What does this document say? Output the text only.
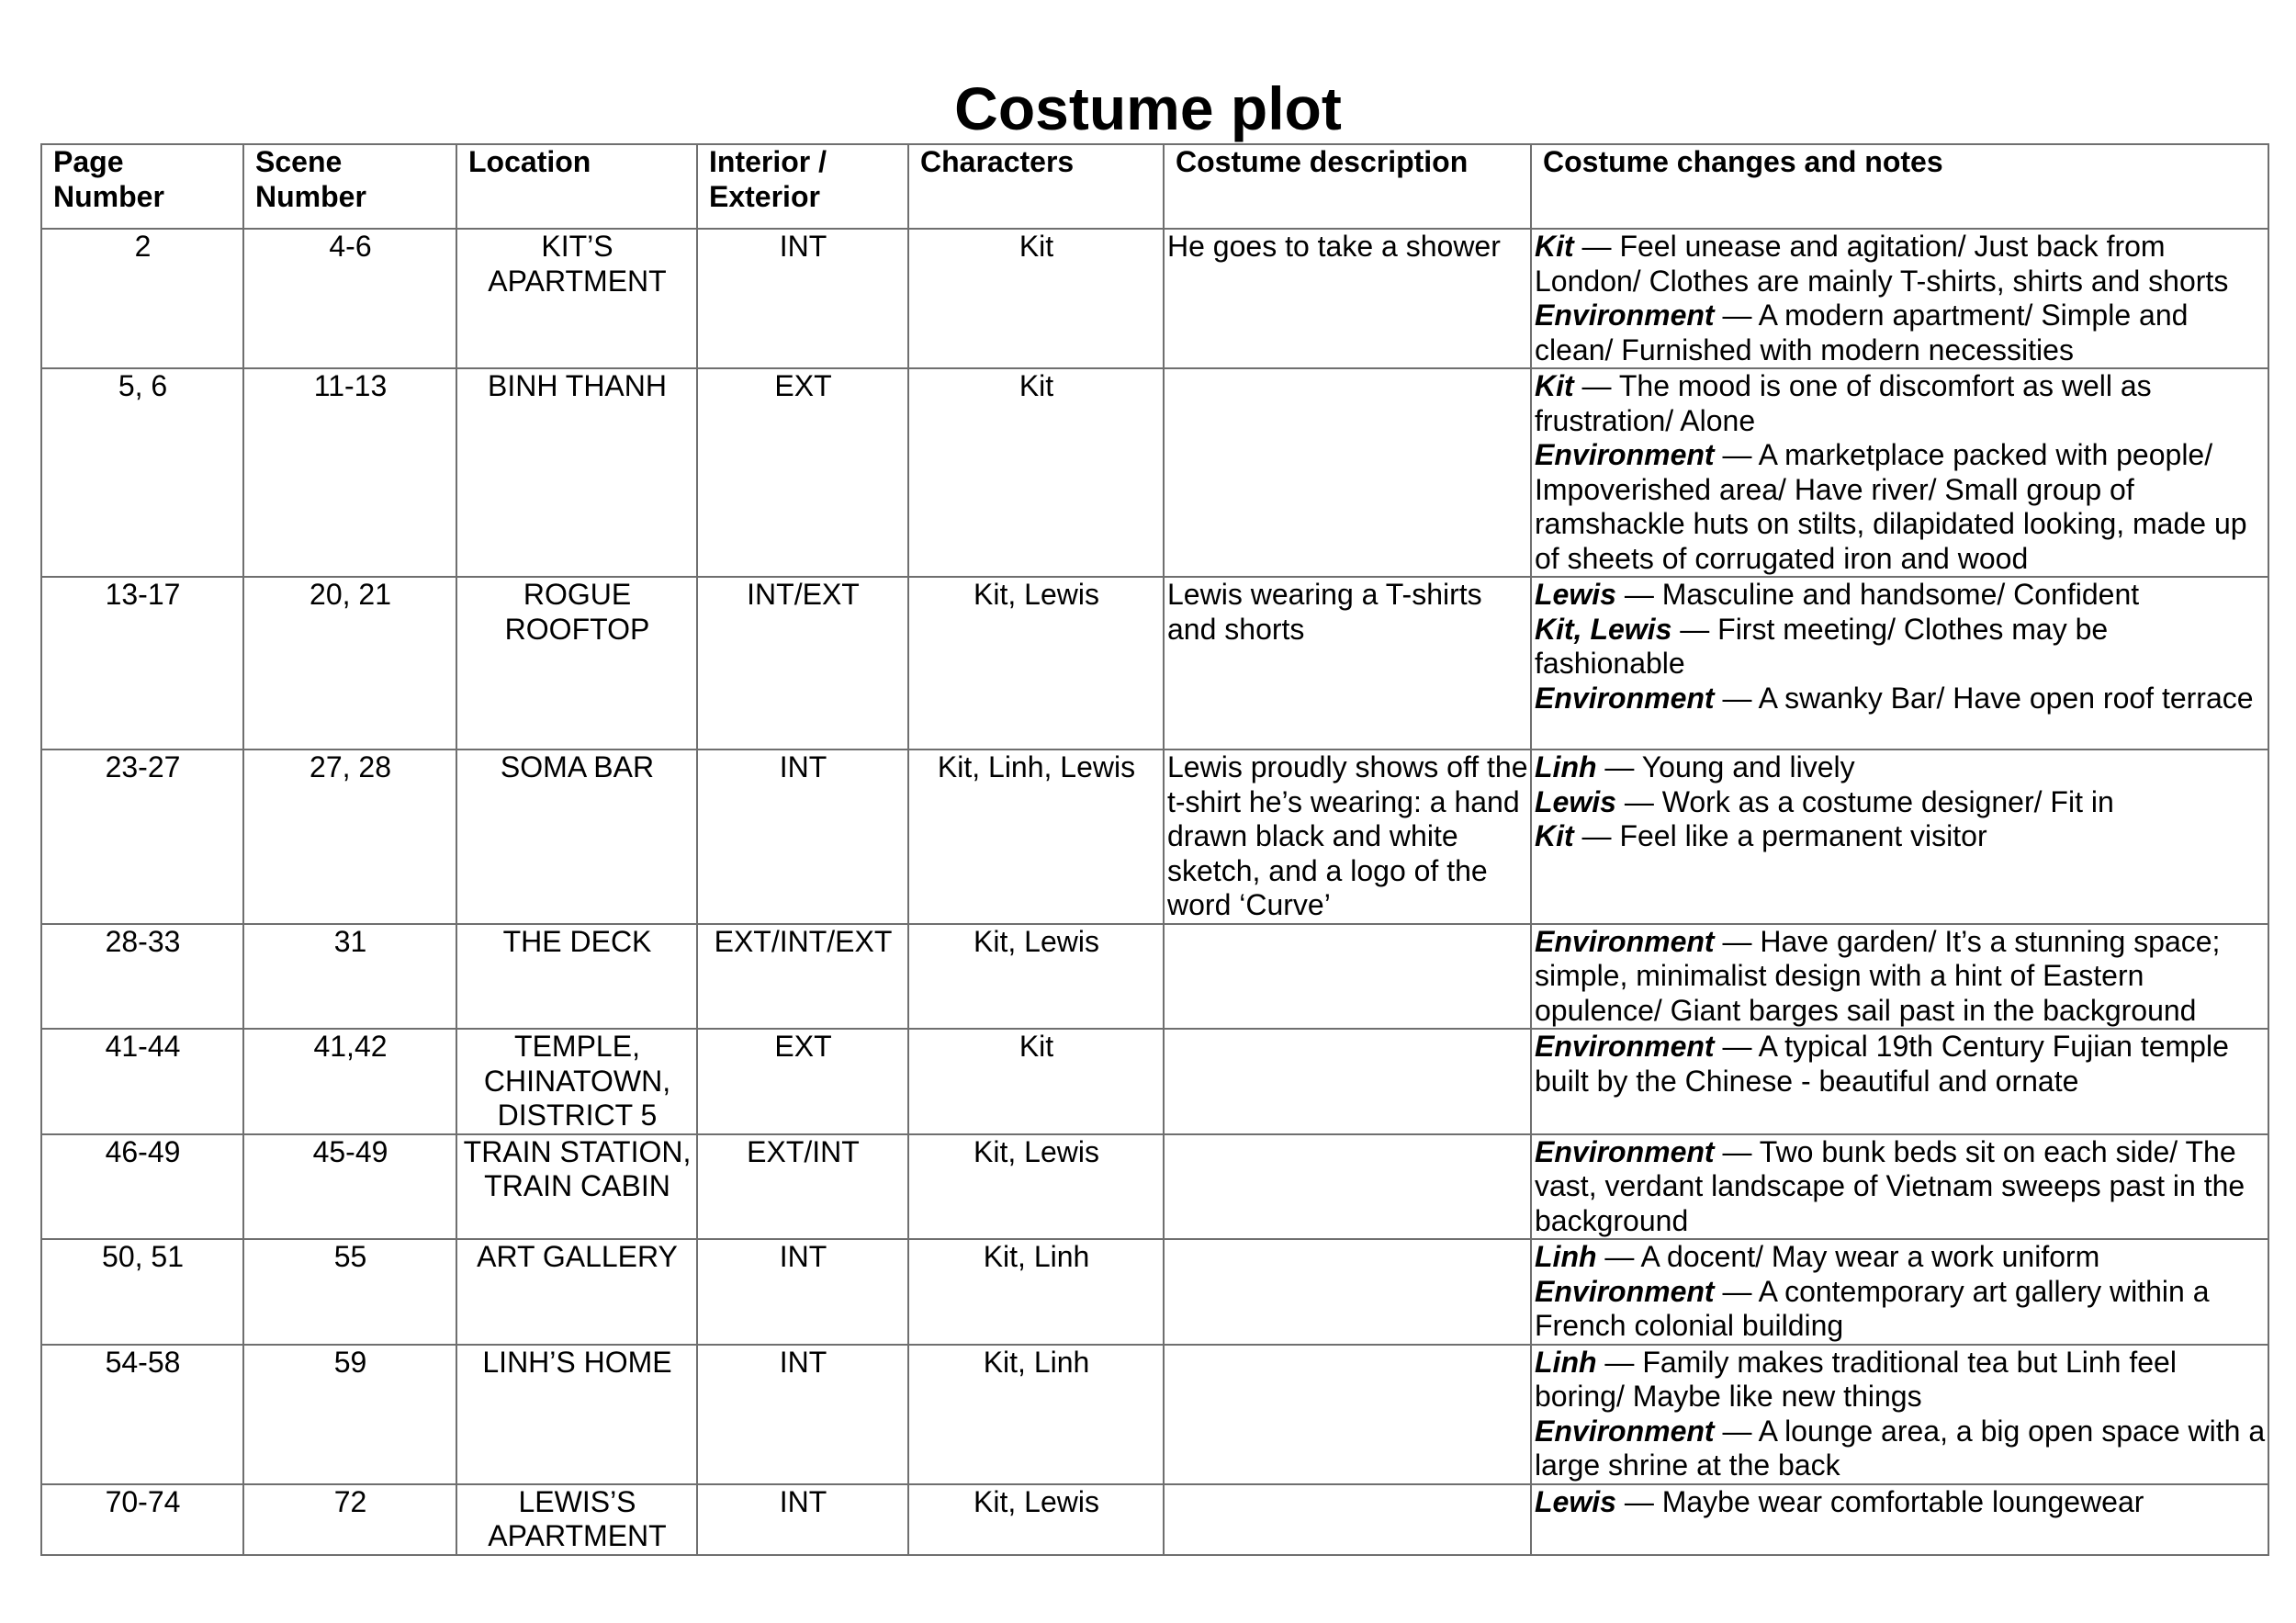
Costume plot
Page Number	Scene Number	Location	Interior / Exterior	Characters	Costume description	Costume changes and notes
2	4-6	KIT’S APARTMENT	INT	Kit	He goes to take a shower	Kit — Feel unease and agitation/ Just back from London/ Clothes are mainly T-shirts, shirts and shorts
Environment — A modern apartment/ Simple and clean/ Furnished with modern necessities

5, 6	11-13	BINH THANH	EXT	Kit		Kit — The mood is one of discomfort as well as frustration/ Alone
Environment — A marketplace packed with people/ Impoverished area/ Have river/ Small group of ramshackle huts on stilts, dilapidated looking, made up of sheets of corrugated iron and wood

13-17	20, 21	ROGUE ROOFTOP	INT/EXT	Kit, Lewis	Lewis wearing a T-shirts and shorts	Lewis — Masculine and handsome/ Confident
Kit, Lewis — First meeting/ Clothes may be fashionable
Environment — A swanky Bar/ Have open roof terrace

23-27	27, 28	SOMA BAR	INT	Kit, Linh, Lewis	Lewis proudly shows off the t-shirt he’s wearing: a hand drawn black and white sketch, and a logo of the word ‘Curve’	Linh — Young and lively
Lewis — Work as a costume designer/ Fit in
Kit — Feel like a permanent visitor

28-33	31	THE DECK	EXT/INT/EXT	Kit, Lewis		Environment — Have garden/ It’s a stunning space; simple, minimalist design with a hint of Eastern opulence/ Giant barges sail past in the background

41-44	41,42	TEMPLE, CHINATOWN, DISTRICT 5	EXT	Kit		Environment — A typical 19th Century Fujian temple built by the Chinese - beautiful and ornate

46-49	45-49	TRAIN STATION, TRAIN CABIN	EXT/INT	Kit, Lewis		Environment — Two bunk beds sit on each side/ The vast, verdant landscape of Vietnam sweeps past in the background

50, 51	55	ART GALLERY	INT	Kit, Linh		Linh — A docent/ May wear a work uniform
Environment — A contemporary art gallery within a French colonial building

54-58	59	LINH’S HOME	INT	Kit, Linh		Linh — Family makes traditional tea but Linh feel boring/ Maybe like new things
Environment — A lounge area, a big open space with a large shrine at the back

70-74	72	LEWIS’S APARTMENT	INT	Kit, Lewis		Lewis — Maybe wear comfortable loungewear
